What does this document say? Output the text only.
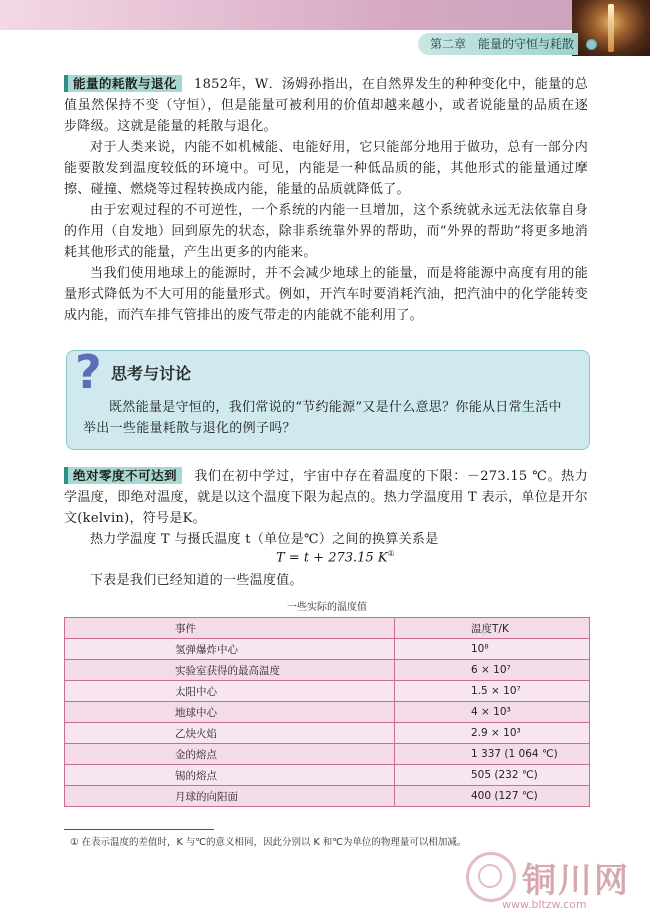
第二章　能量的守恒与耗散
能量的耗散与退化 1852年，W．汤姆孙指出，在自然界发生的种种变化中，能量的总值虽然保持不变（守恒），但是能量可被利用的价值却越来越小，或者说能量的品质在逐步降级。这就是能量的耗散与退化。
对于人类来说，内能不如机械能、电能好用，它只能部分地用于做功，总有一部分内能要散发到温度较低的环境中。可见，内能是一种低品质的能，其他形式的能量通过摩擦、碰撞、燃烧等过程转换成内能，能量的品质就降低了。
由于宏观过程的不可逆性，一个系统的内能一旦增加，这个系统就永远无法依靠自身的作用（自发地）回到原先的状态，除非系统靠外界的帮助，而“外界的帮助”将更多地消耗其他形式的能量，产生出更多的内能来。
当我们使用地球上的能源时，并不会减少地球上的能量，而是将能源中高度有用的能量形式降低为不大可用的能量形式。例如，开汽车时要消耗汽油，把汽油中的化学能转变成内能，而汽车排气管排出的废气带走的内能就不能利用了。
? 思考与讨论
既然能量是守恒的，我们常说的“节约能源”又是什么意思？你能从日常生活中举出一些能量耗散与退化的例子吗？
绝对零度不可达到 我们在初中学过，宇宙中存在着温度的下限：－273.15 ℃。热力学温度，即绝对温度，就是以这个温度下限为起点的。热力学温度用 T 表示，单位是开尔文(kelvin)，符号是K。
热力学温度 T 与摄氏温度 t（单位是℃）之间的换算关系是
T = t + 273.15 K①
下表是我们已经知道的一些温度值。
一些实际的温度值
事件	温度T/K
氢弹爆炸中心	10⁸
实验室获得的最高温度	6 × 10⁷
太阳中心	1.5 × 10⁷
地球中心	4 × 10³
乙炔火焰	2.9 × 10³
金的熔点	1 337 (1 064 ℃)
锡的熔点	505 (232 ℃)
月球的向阳面	400 (127 ℃)
① 在表示温度的差值时，K 与℃的意义相同，因此分别以 K 和℃为单位的物理量可以相加减。
铜川网
www.bltzw.com
